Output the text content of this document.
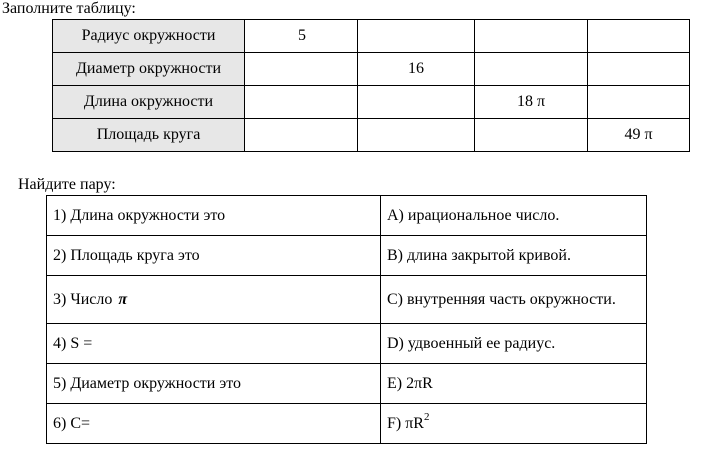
Заполните таблицу:
Радиус окружности	5			
Диаметр окружности		16		
Длина окружности			18 π	
Площадь круга				49 π
Найдите пару:
1) Длина окружности это	A) ирациональное число.
2) Площадь круга это	B) длина закрытой кривой.
3) Число π	C) внутренняя часть окружности.
4) S =	D) удвоенный ее радиус.
5) Диаметр окружности это	E) 2πR
6) C=	F) $\pi R^2$
